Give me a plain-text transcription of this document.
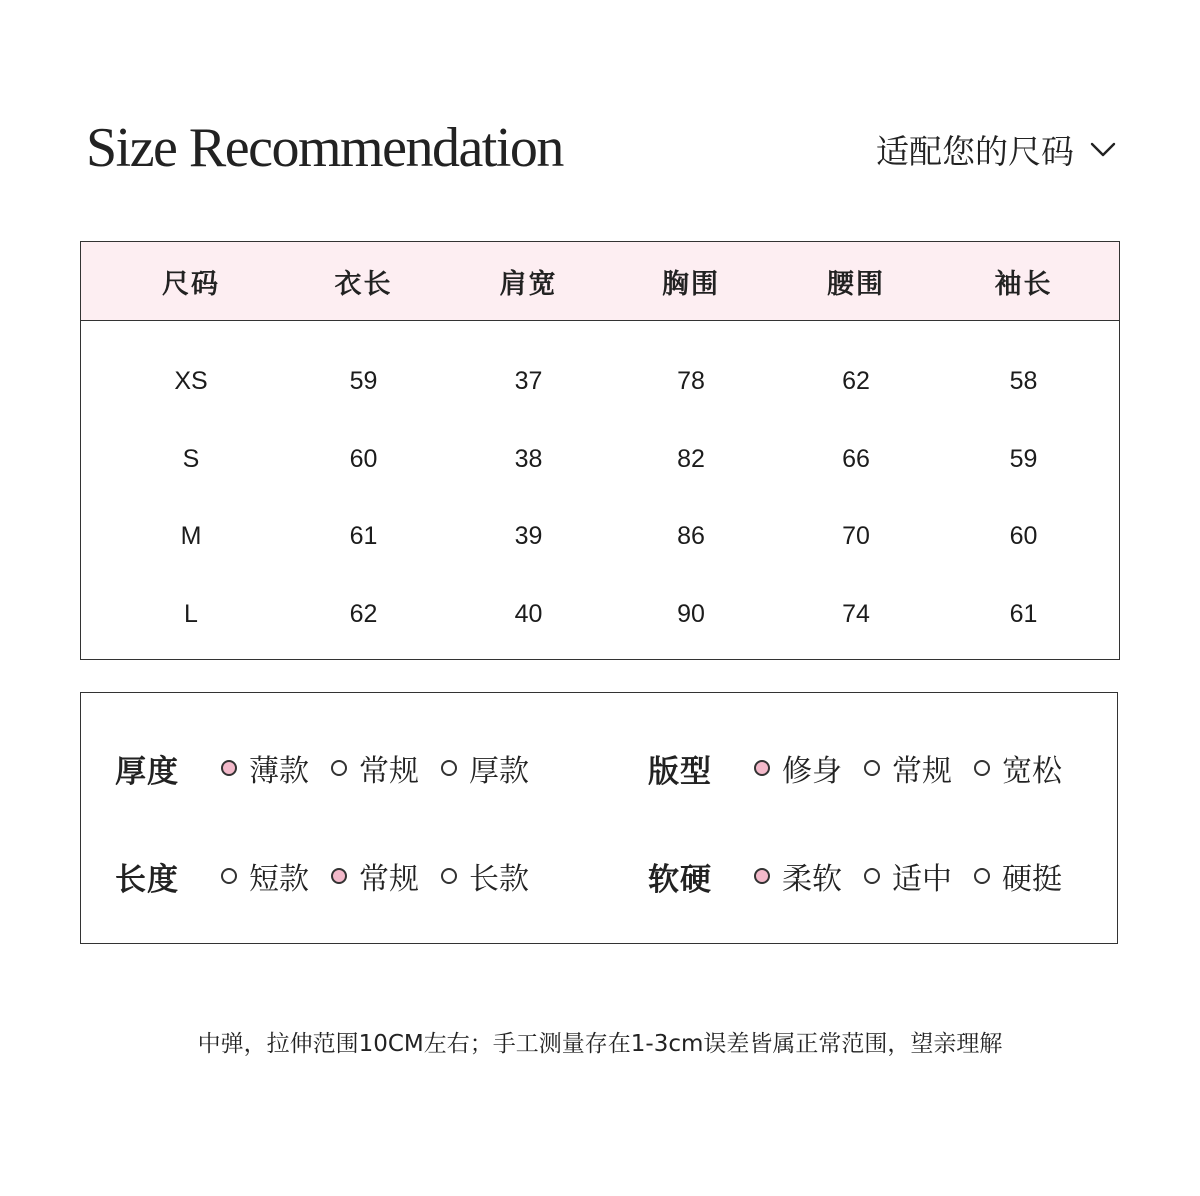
Size Recommendation	适配您的尺码
尺码	衣长	肩宽	胸围	腰围	袖长
XS	59	37	78	62	58
S	60	38	82	66	59
M	61	39	86	70	60
L	62	40	90	74	61
厚度	薄款 常规 厚款	版型	修身 常规 宽松
长度	短款 常规 长款	软硬	柔软 适中 硬挺

中弹，拉伸范围10CM左右；手工测量存在1-3cm误差皆属正常范围，望亲理解
